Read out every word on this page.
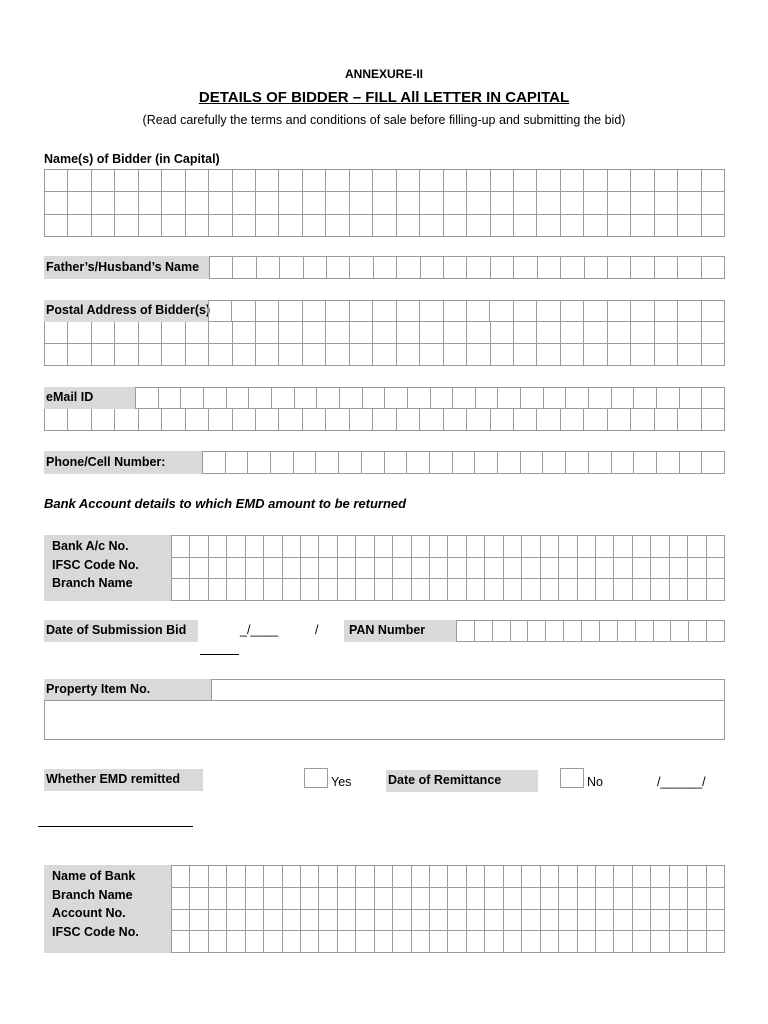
ANNEXURE-II
DETAILS OF BIDDER – FILL All LETTER IN CAPITAL
(Read carefully the terms and conditions of sale before filling-up and submitting the bid)
Name(s) of Bidder (in Capital)
Father’s/Husband’s Name
Postal Address of Bidder(s)
eMail ID
Phone/Cell Number:
Bank Account details to which EMD amount to be returned
Bank A/c No.
IFSC Code No.
Branch Name
Date of Submission Bid	_/____	/	PAN Number
Property Item No.
Whether EMD remitted	Yes	Date of Remittance	No	/______/
Name of Bank
Branch Name
Account No.
IFSC Code No.
